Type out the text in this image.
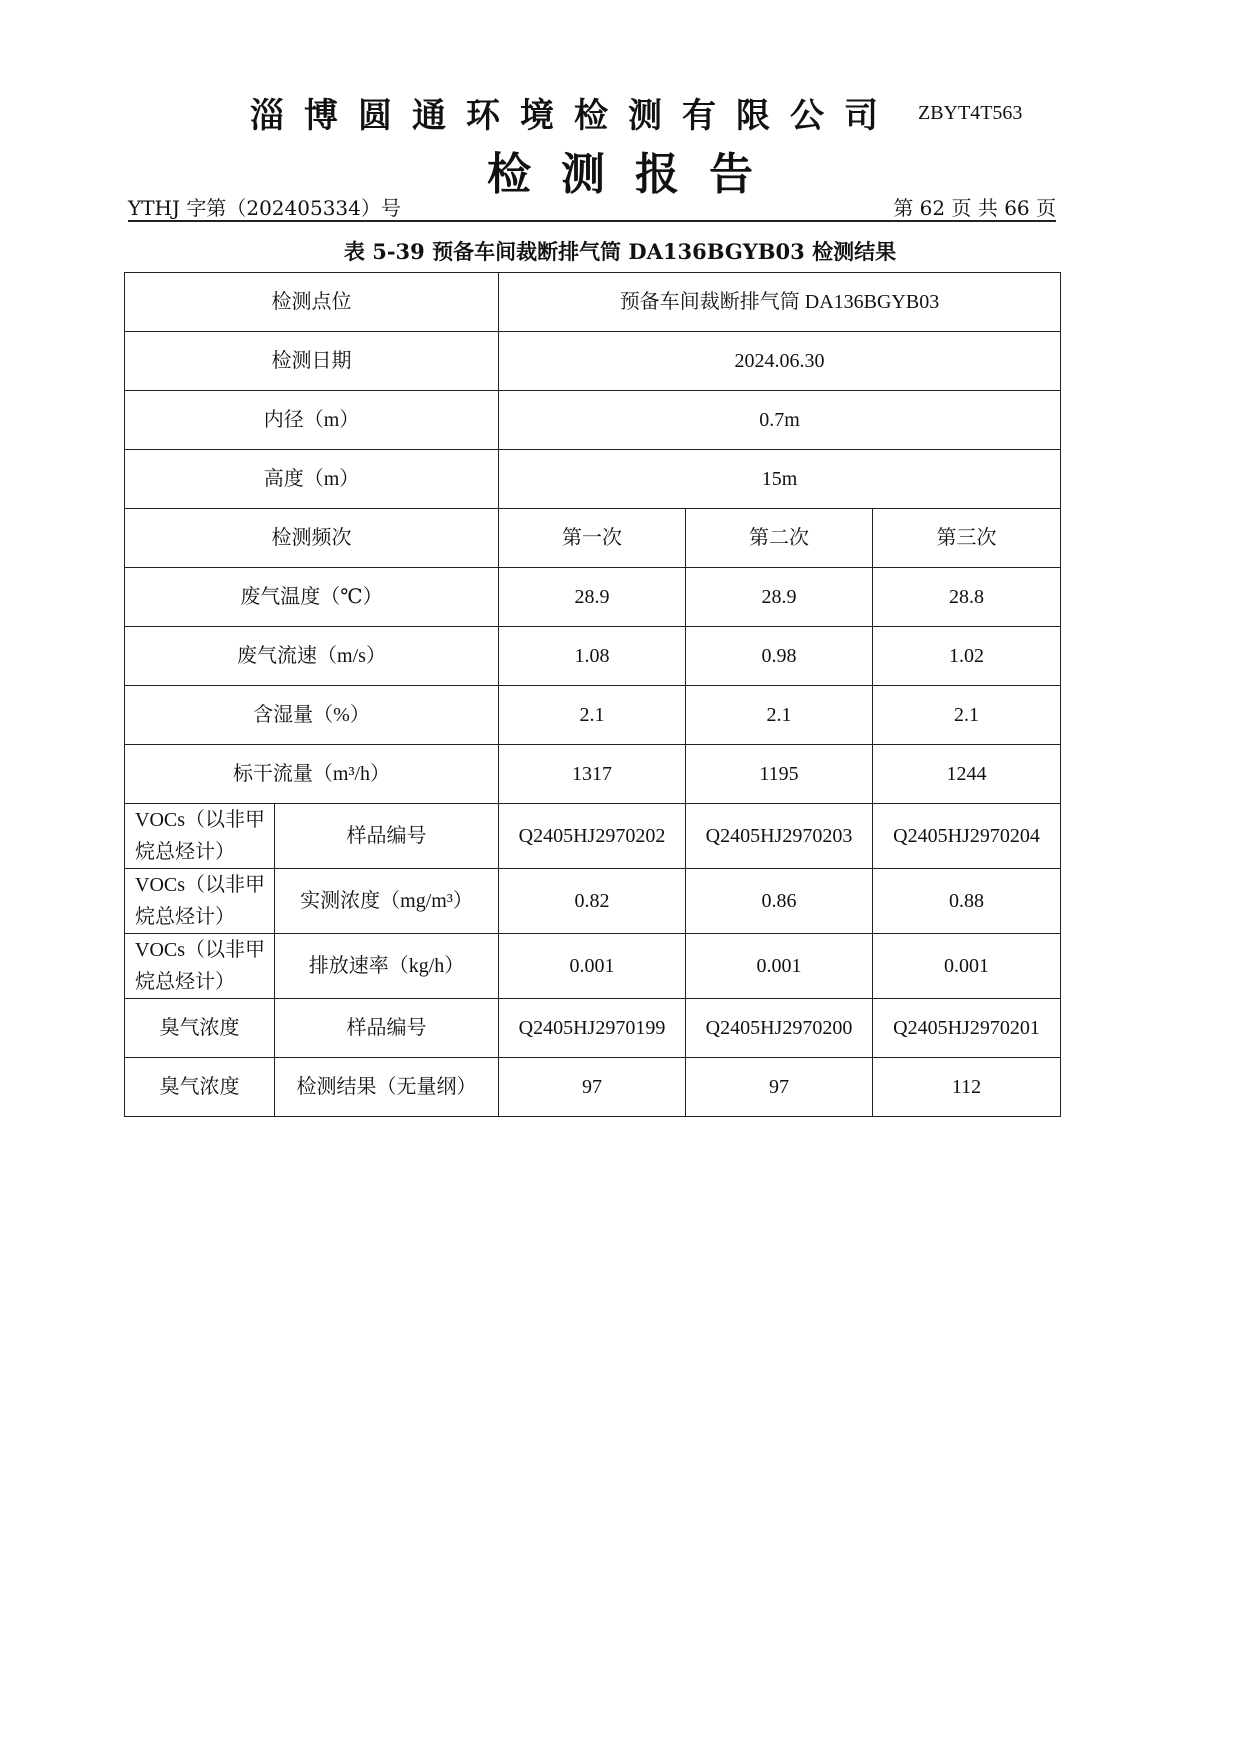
淄博圆通环境检测有限公司 ZBYT4T563
检测报告
YTHJ 字第（202405334）号	第 62 页 共 66 页
表 5-39 预备车间裁断排气筒 DA136BGYB03 检测结果
检测点位		预备车间裁断排气筒 DA136BGYB03		
检测日期		2024.06.30		
内径（m）		0.7m		
高度（m）		15m		
检测频次		第一次	第二次	第三次
废气温度（℃）		28.9	28.9	28.8
废气流速（m/s）		1.08	0.98	1.02
含湿量（%）		2.1	2.1	2.1
标干流量（m³/h）		1317	1195	1244
VOCs（以非甲烷总烃计）	样品编号	Q2405HJ2970202	Q2405HJ2970203	Q2405HJ2970204
VOCs（以非甲烷总烃计）	实测浓度（mg/m³）	0.82	0.86	0.88
VOCs（以非甲烷总烃计）	排放速率（kg/h）	0.001	0.001	0.001
臭气浓度	样品编号	Q2405HJ2970199	Q2405HJ2970200	Q2405HJ2970201
臭气浓度	检测结果（无量纲）	97	97	112
